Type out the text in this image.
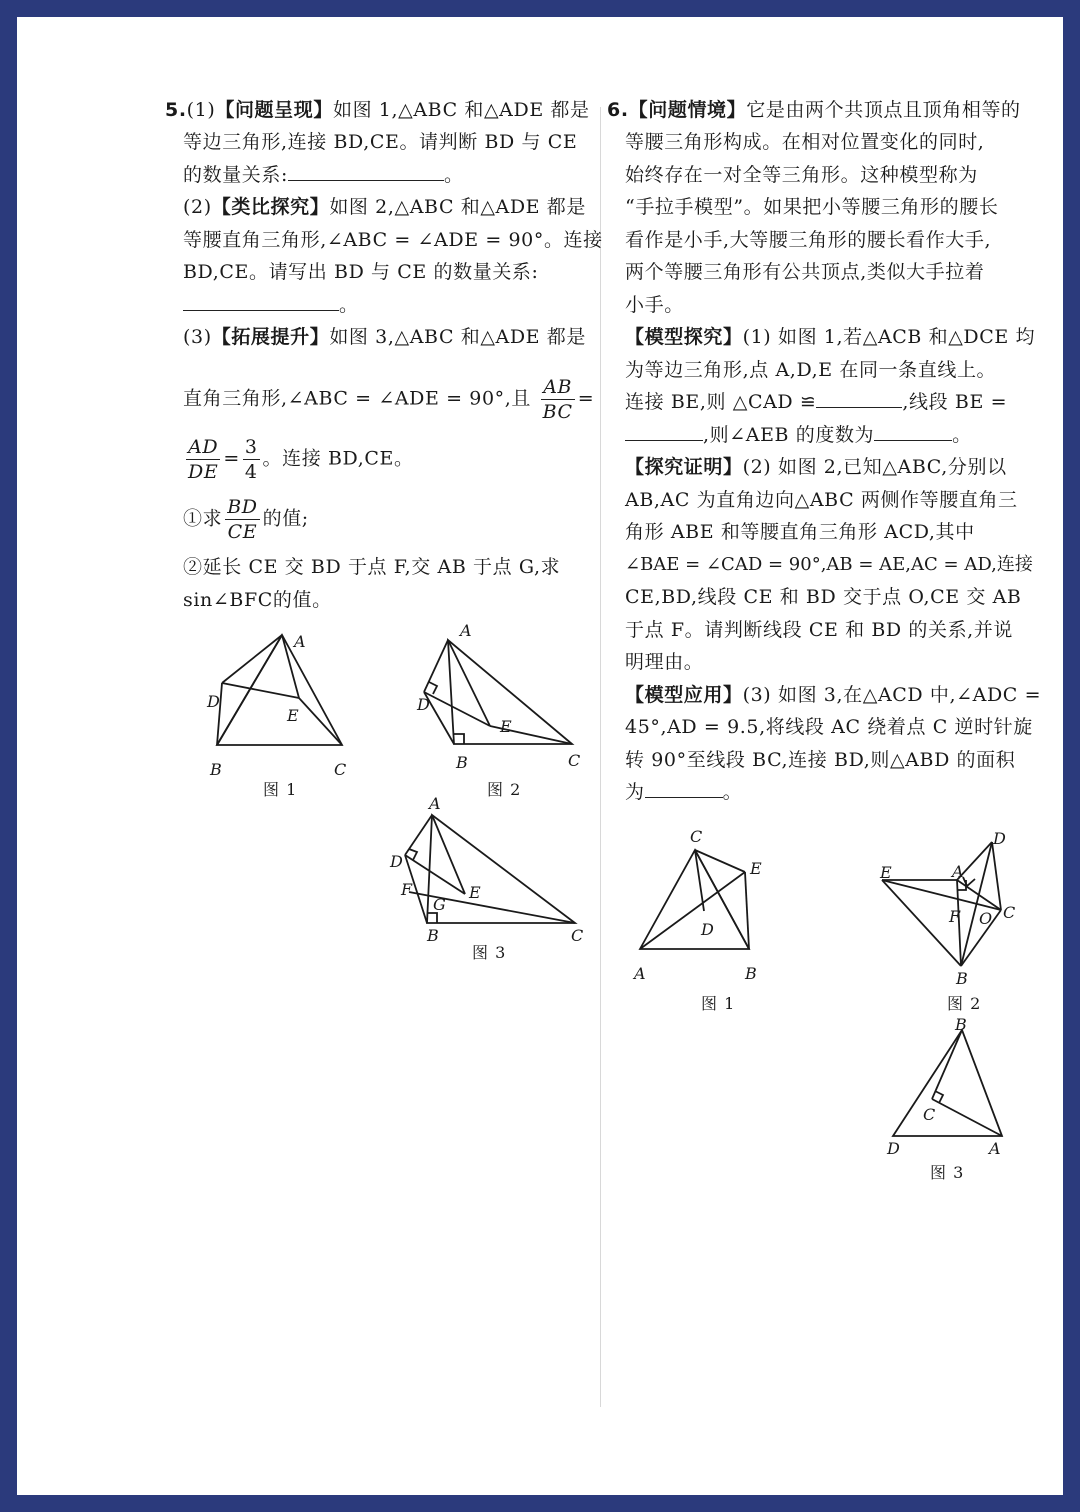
5.(1)【问题呈现】如图 1,△ABC 和△ADE 都是
等边三角形,连接 BD,CE。请判断 BD 与 CE
的数量关系:	。
(2)【类比探究】如图 2,△ABC 和△ADE 都是
等腰直角三角形,∠ABC = ∠ADE = 90°。连接
BD,CE。请写出 BD 与 CE 的数量关系:
。
(3)【拓展提升】如图 3,△ABC 和△ADE 都是
直角三角形,∠ABC = ∠ADE = 90°,且 $\frac{AB}{BC}$ =
$\frac{AD}{DE} = \frac{3}{4}$ 。连接 BD,CE。
①求 $\frac{BD}{CE}$ 的值;
②延长 CE 交 BD 于点 F,交 AB 于点 G,求
sin∠BFC的值。
A
D
E
B	C
图 1
A
D
E
B	C
图 2
A
D
F
G
E
B	C
图 3
6.【问题情境】它是由两个共顶点且顶角相等的
等腰三角形构成。在相对位置变化的同时,
始终存在一对全等三角形。这种模型称为
“手拉手模型”。如果把小等腰三角形的腰长
看作是小手,大等腰三角形的腰长看作大手,
两个等腰三角形有公共顶点,类似大手拉着
小手。
【模型探究】(1) 如图 1,若△ACB 和△DCE 均
为等边三角形,点 A,D,E 在同一条直线上。
连接 BE,则 △CAD ≌	,线段 BE =
,则∠AEB 的度数为	。
【探究证明】(2) 如图 2,已知△ABC,分别以
AB,AC 为直角边向△ABC 两侧作等腰直角三
角形 ABE 和等腰直角三角形 ACD,其中
∠BAE = ∠CAD = 90°,AB = AE,AC = AD,连接
CE,BD,线段 CE 和 BD 交于点 O,CE 交 AB
于点 F。请判断线段 CE 和 BD 的关系,并说
明理由。
【模型应用】(3) 如图 3,在△ACD 中,∠ADC =
45°,AD = 9.5,将线段 AC 绕着点 C 逆时针旋
转 90°至线段 BC,连接 BD,则△ABD 的面积
为	。
C
E
D
A	B
图 1
D
E	A
F O C
B
图 2
B
C
D	A
图 3
